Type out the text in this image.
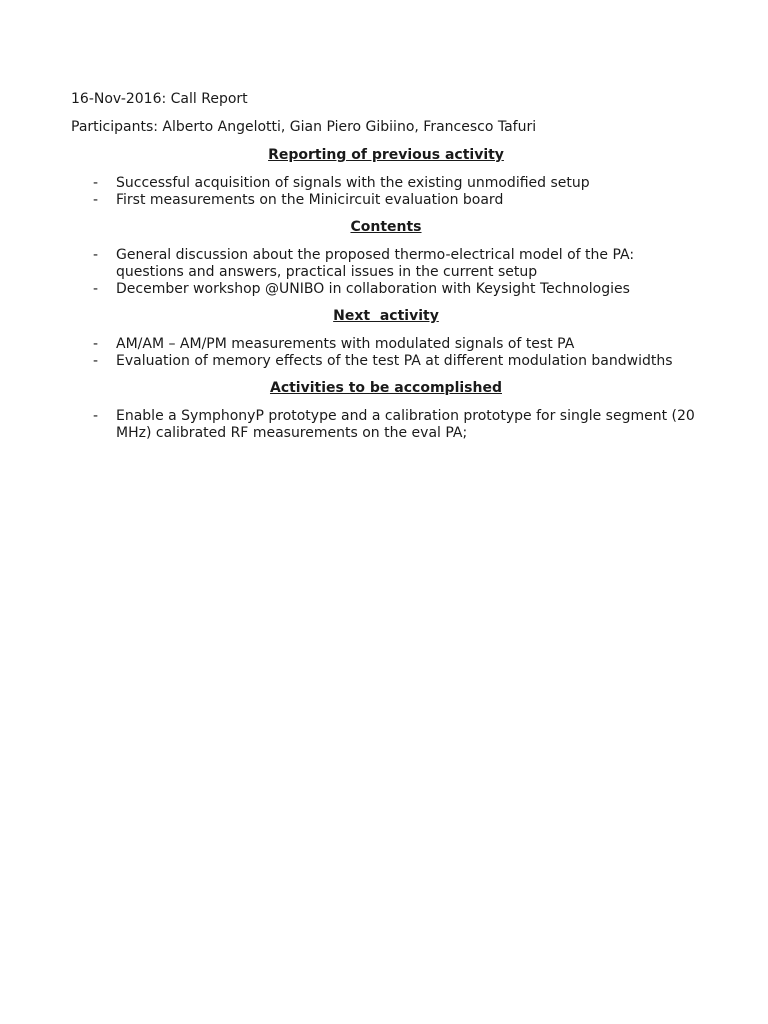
16-Nov-2016: Call Report
Participants: Alberto Angelotti, Gian Piero Gibiino, Francesco Tafuri
Reporting of previous activity
- Successful acquisition of signals with the existing unmodified setup
- First measurements on the Minicircuit evaluation board
Contents
- General discussion about the proposed thermo-electrical model of the PA: questions and answers, practical issues in the current setup
- December workshop @UNIBO in collaboration with Keysight Technologies
Next  activity
- AM/AM – AM/PM measurements with modulated signals of test PA
- Evaluation of memory effects of the test PA at different modulation bandwidths
Activities to be accomplished
- Enable a SymphonyP prototype and a calibration prototype for single segment (20 MHz) calibrated RF measurements on the eval PA;
